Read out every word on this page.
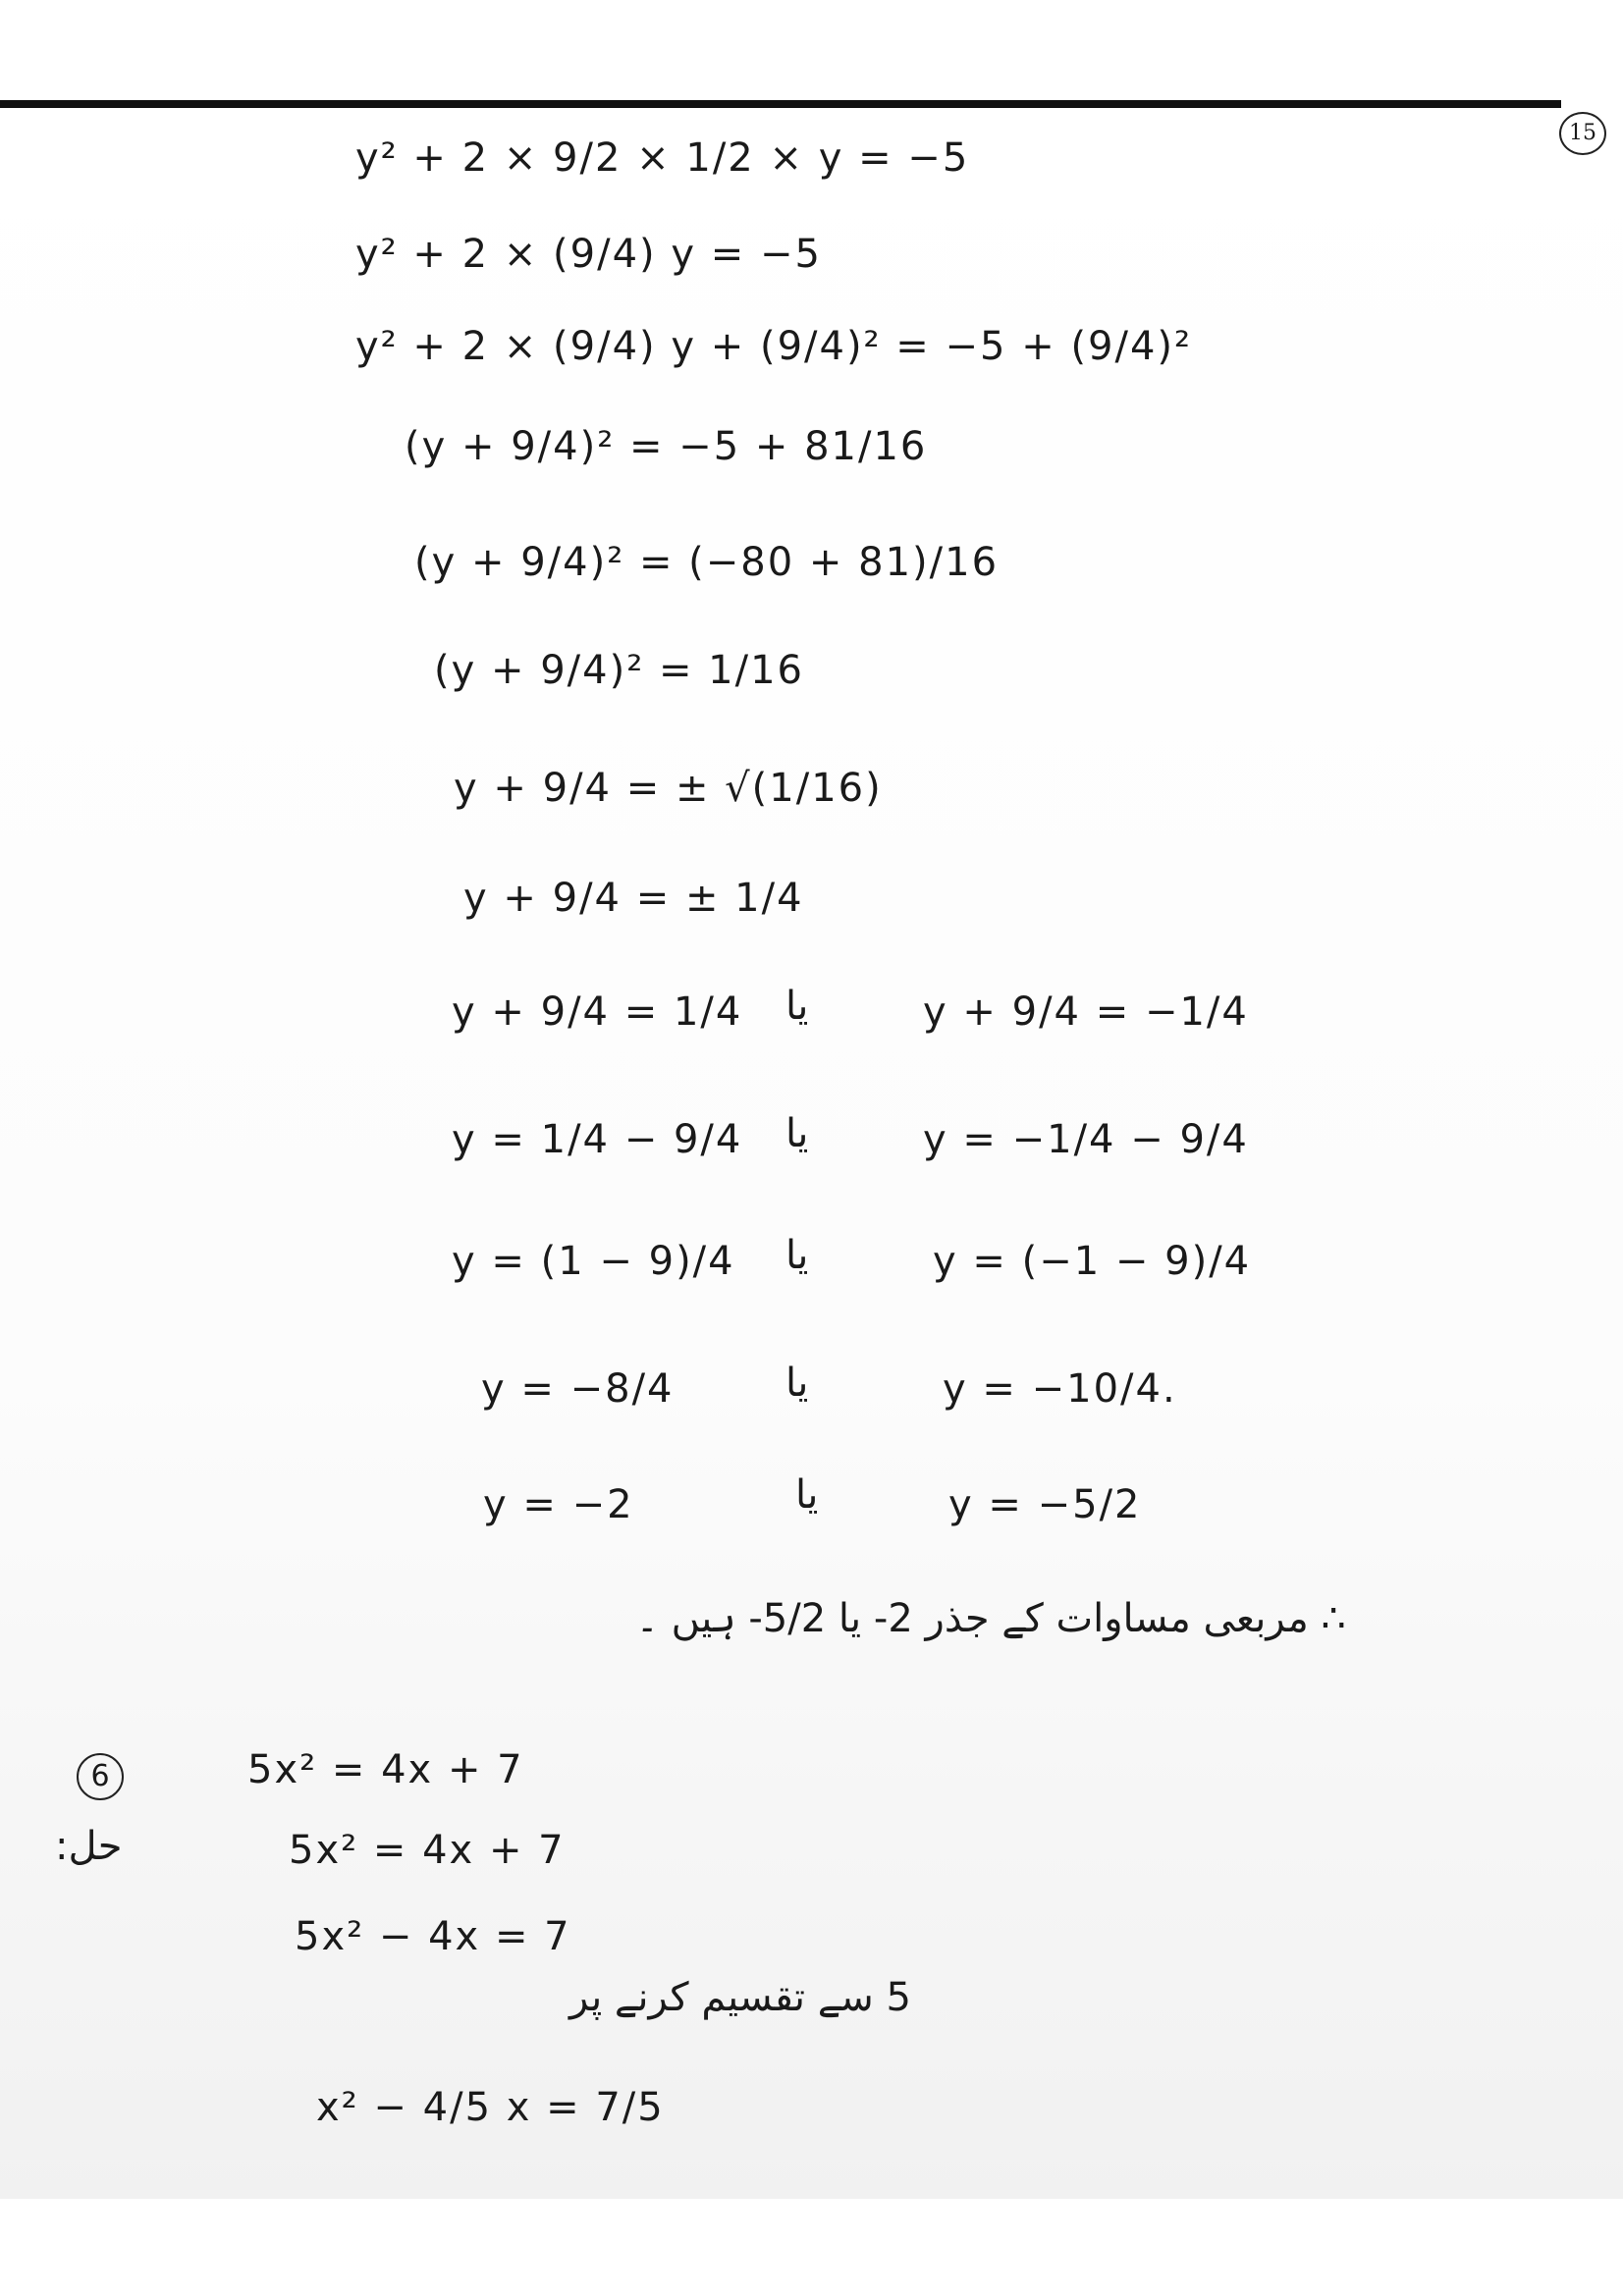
15
y² + 2 × 9/2 × 1/2 × y = −5
y² + 2 × (9/4) y = −5
y² + 2 × (9/4) y + (9/4)² = −5 + (9/4)²
(y + 9/4)² = −5 + 81/16
(y + 9/4)² = (−80 + 81)/16
(y + 9/4)² = 1/16
y + 9/4 = ± √(1/16)
y + 9/4 = ± 1/4
y + 9/4 = 1/4 یا	y + 9/4 = −1/4
y = 1/4 − 9/4 یا	y = −1/4 − 9/4
y = (1 − 9)/4 یا	y = (−1 − 9)/4
y = −8/4	یا	y = −10/4.
y = −2	یا	y = −5/2
∴ مربعی مساوات کے جذر 2- یا 5/2- ہیں ۔
6	5x² = 4x + 7
حل:	5x² = 4x + 7
5x² − 4x = 7
5 سے تقسیم کرنے پر
x² − 4/5 x = 7/5
